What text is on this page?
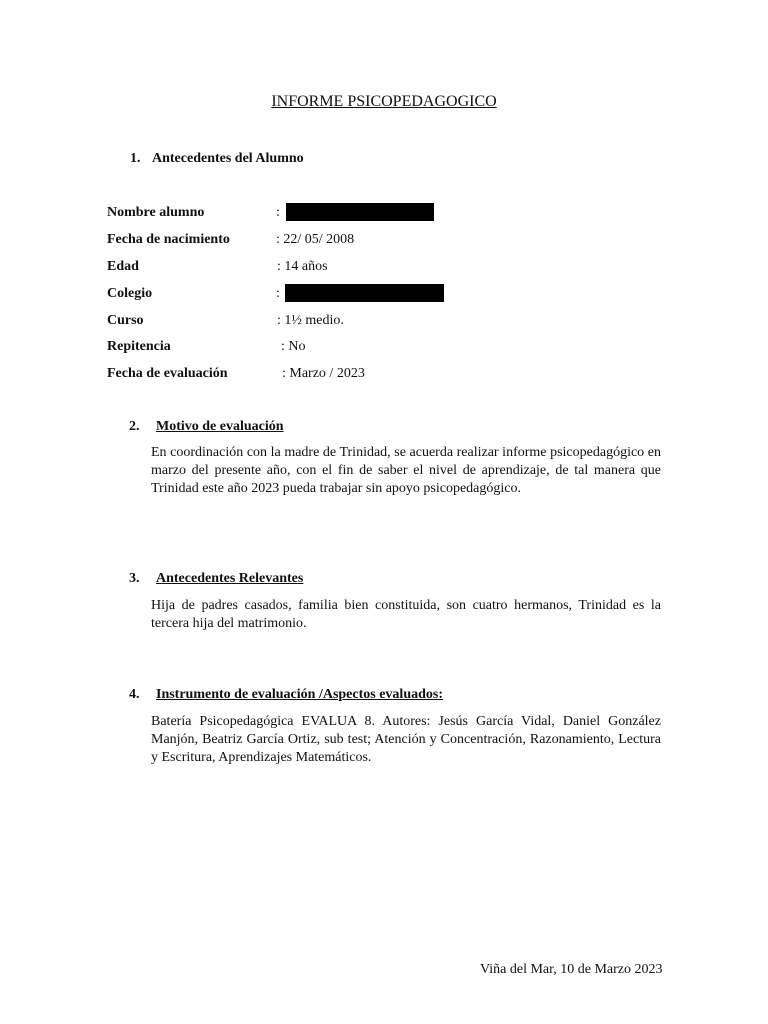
INFORME PSICOPEDAGOGICO
1. Antecedentes del Alumno
Nombre alumno	:
Fecha de nacimiento	: 22/ 05/ 2008
Edad	: 14 años
Colegio	:
Curso	: 1½ medio.
Repitencia	: No
Fecha de evaluación	: Marzo / 2023
2. Motivo de evaluación
En coordinación con la madre de Trinidad, se acuerda realizar informe psicopedagógico en marzo del presente año, con el fin de saber el nivel de aprendizaje, de tal manera que Trinidad este año 2023 pueda trabajar sin apoyo psicopedagógico.
3. Antecedentes Relevantes
Hija de padres casados, familia bien constituida, son cuatro hermanos, Trinidad es la tercera hija del matrimonio.
4. Instrumento de evaluación /Aspectos evaluados:
Batería Psicopedagógica EVALUA 8. Autores: Jesús García Vidal, Daniel González Manjón, Beatriz García Ortiz, sub test; Atención y Concentración, Razonamiento, Lectura y Escritura, Aprendizajes Matemáticos.
Viña del Mar, 10 de Marzo 2023
